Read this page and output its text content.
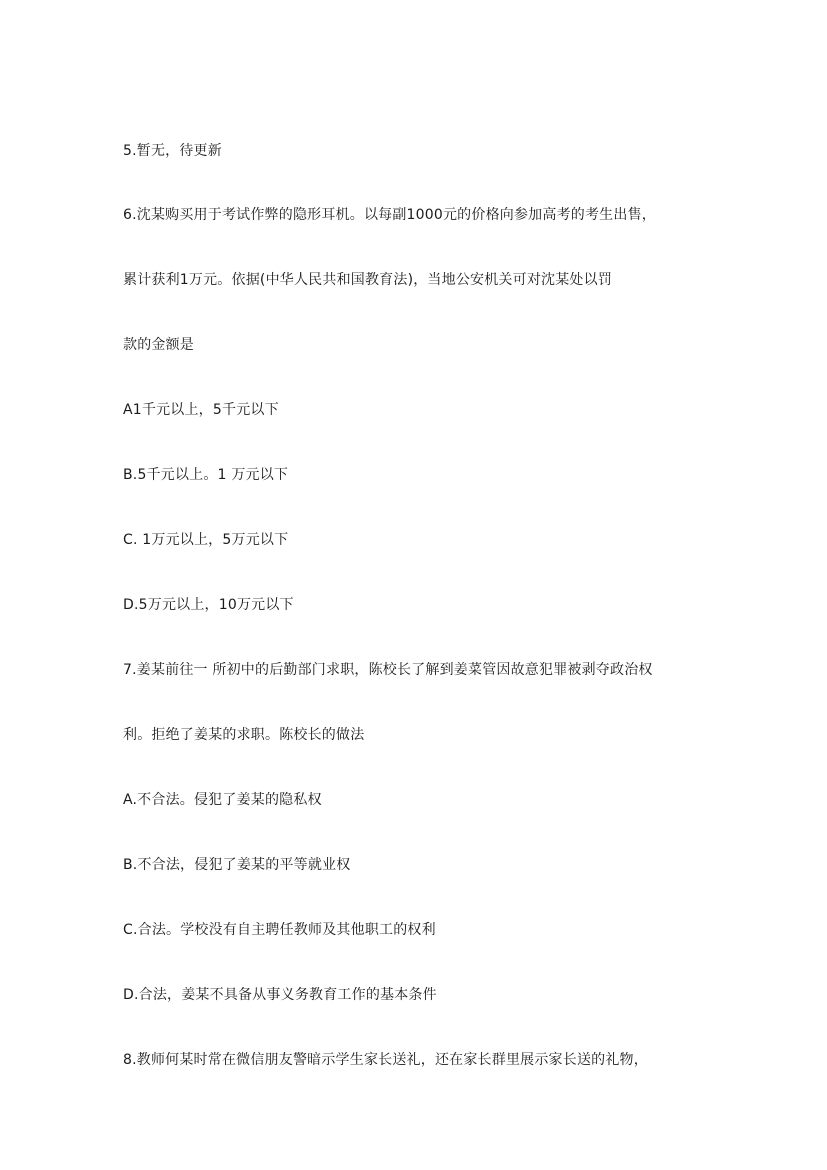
5.暂无，待更新
6.沈某购买用于考试作弊的隐形耳机。以每副1000元的价格向参加高考的考生出售，
累计获利1万元。依据(中华人民共和国教育法)，当地公安机关可对沈某处以罚
款的金额是
A1千元以上，5千元以下
B.5千元以上。1 万元以下
C. 1万元以上，5万元以下
D.5万元以上，10万元以下
7.姜某前往一 所初中的后勤部门求职，陈校长了解到姜菜管因故意犯罪被剥夺政治权
利。拒绝了姜某的求职。陈校长的做法
A.不合法。侵犯了姜某的隐私权
B.不合法，侵犯了姜某的平等就业权
C.合法。学校没有自主聘任教师及其他职工的权利
D.合法，姜某不具备从事义务教育工作的基本条件
8.教师何某时常在微信朋友警暗示学生家长送礼，还在家长群里展示家长送的礼物，
